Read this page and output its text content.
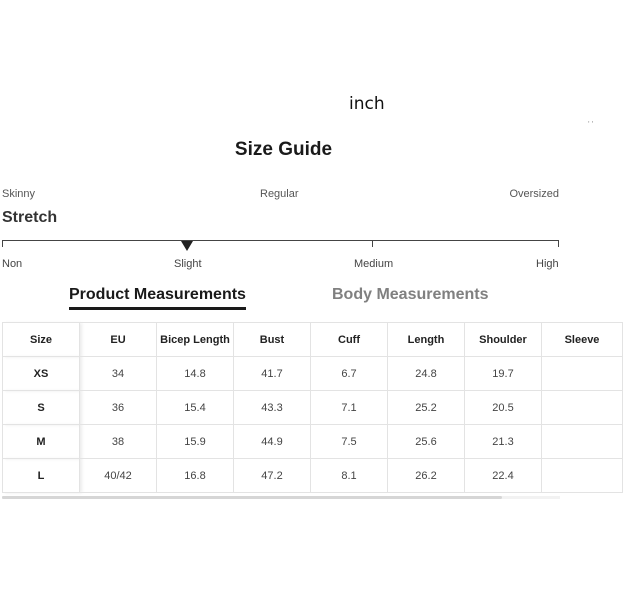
inch
' '
Size Guide
Skinny	Regular	Oversized
Stretch
Non	Slight	Medium	High
Product Measurements	Body Measurements
Size	EU	Bicep Length	Bust	Cuff	Length	Shoulder	Sleeve
XS	34	14.8	41.7	6.7	24.8	19.7	
S	36	15.4	43.3	7.1	25.2	20.5	
M	38	15.9	44.9	7.5	25.6	21.3	
L	40/42	16.8	47.2	8.1	26.2	22.4	
